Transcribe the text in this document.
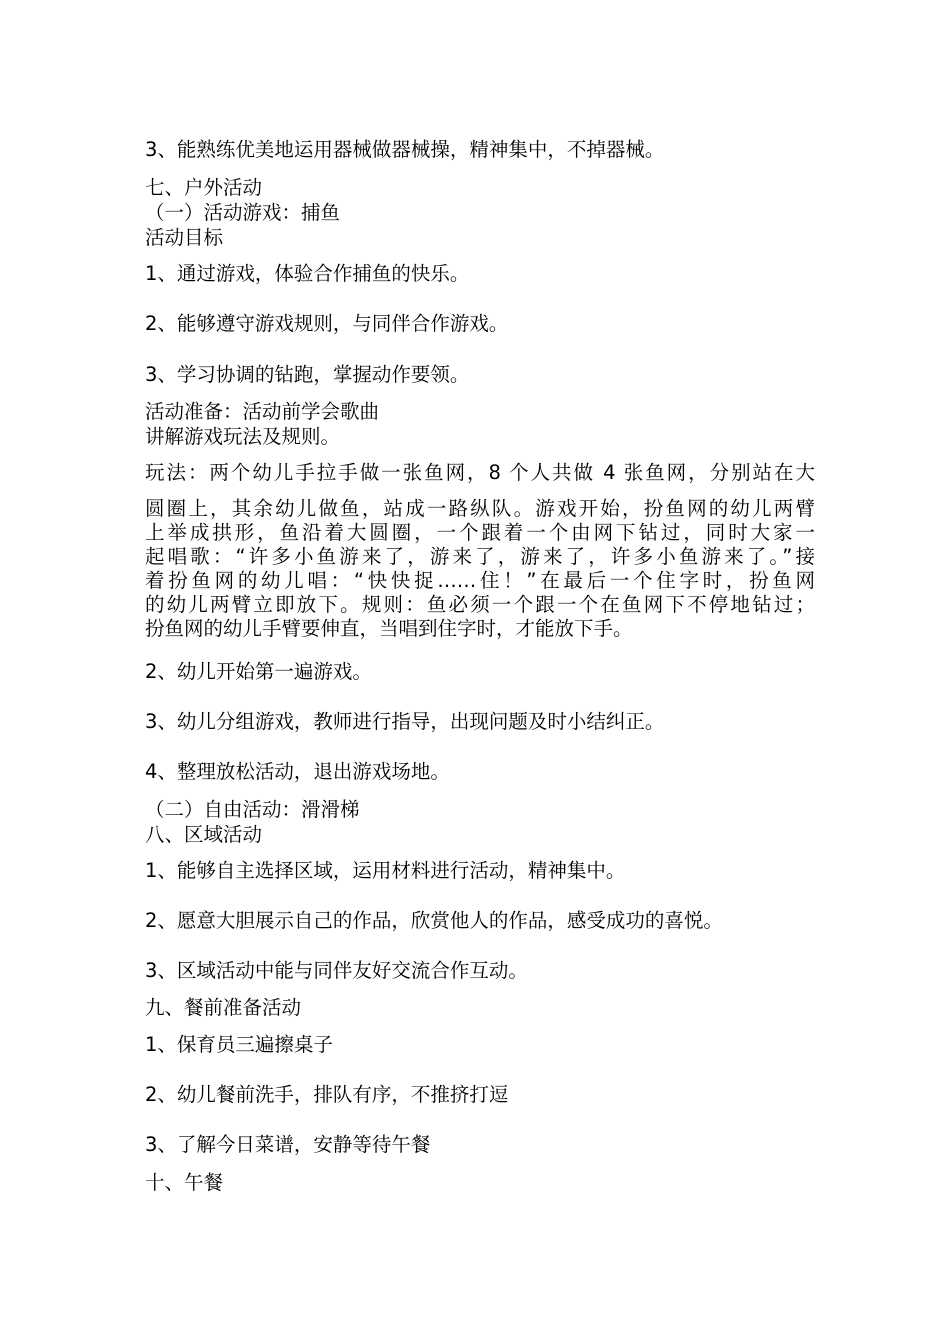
3、能熟练优美地运用器械做器械操，精神集中，不掉器械。
七、户外活动
（一）活动游戏：捕鱼
活动目标
1、通过游戏，体验合作捕鱼的快乐。
2、能够遵守游戏规则，与同伴合作游戏。
3、学习协调的钻跑，掌握动作要领。
活动准备：活动前学会歌曲
讲解游戏玩法及规则。
玩法：两个幼儿手拉手做一张鱼网，8 个人共做 4 张鱼网，分别站在大
圆圈上，其余幼儿做鱼，站成一路纵队。游戏开始，扮鱼网的幼儿两臂
上举成拱形，鱼沿着大圆圈，一个跟着一个由网下钻过，同时大家一
起唱歌：“许多小鱼游来了，游来了，游来了，许多小鱼游来了。”接
着扮鱼网的幼儿唱：“快快捉……住！”在最后一个住字时，扮鱼网
的幼儿两臂立即放下。规则：鱼必须一个跟一个在鱼网下不停地钻过；
扮鱼网的幼儿手臂要伸直，当唱到住字时，才能放下手。
2、幼儿开始第一遍游戏。
3、幼儿分组游戏，教师进行指导，出现问题及时小结纠正。
4、整理放松活动，退出游戏场地。
（二）自由活动：滑滑梯
八、区域活动
1、能够自主选择区域，运用材料进行活动，精神集中。
2、愿意大胆展示自己的作品，欣赏他人的作品，感受成功的喜悦。
3、区域活动中能与同伴友好交流合作互动。
九、餐前准备活动
1、保育员三遍擦桌子
2、幼儿餐前洗手，排队有序，不推挤打逗
3、了解今日菜谱，安静等待午餐
十、午餐
